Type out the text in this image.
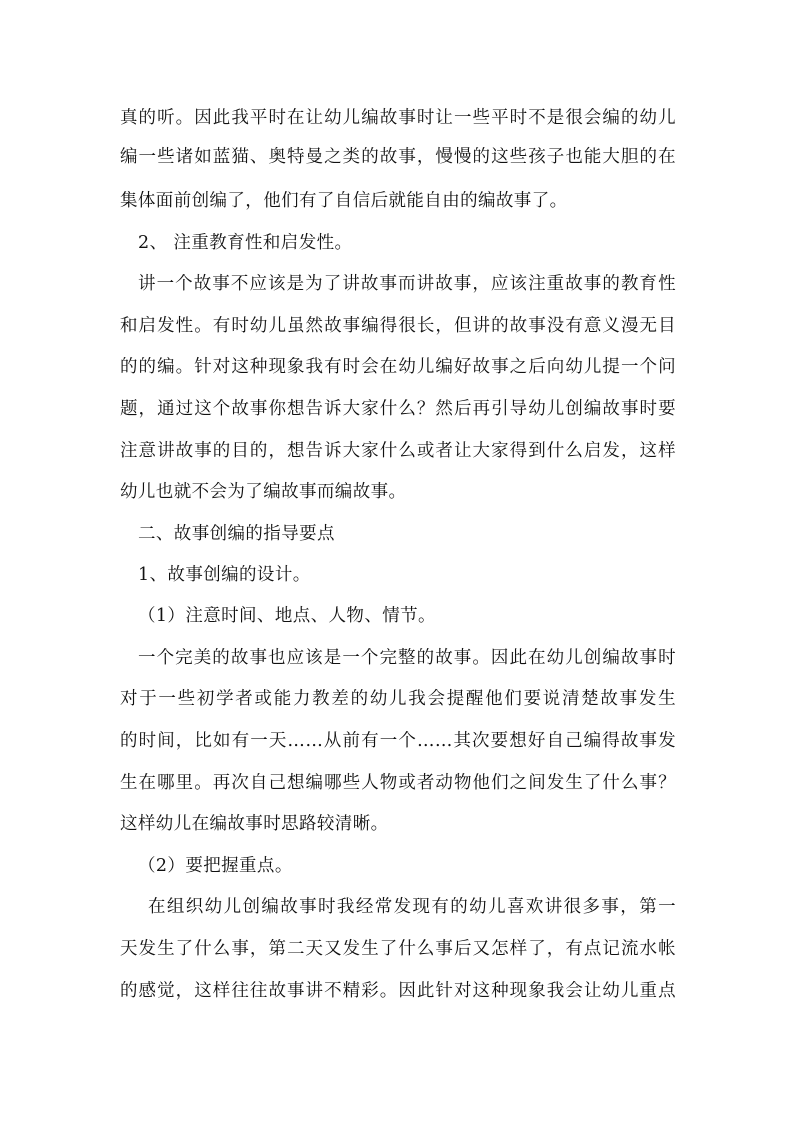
真的听。因此我平时在让幼儿编故事时让一些平时不是很会编的幼儿
编一些诸如蓝猫、奥特曼之类的故事，慢慢的这些孩子也能大胆的在
集体面前创编了，他们有了自信后就能自由的编故事了。
2、 注重教育性和启发性。
讲一个故事不应该是为了讲故事而讲故事，应该注重故事的教育性
和启发性。有时幼儿虽然故事编得很长，但讲的故事没有意义漫无目
的的编。针对这种现象我有时会在幼儿编好故事之后向幼儿提一个问
题，通过这个故事你想告诉大家什么？然后再引导幼儿创编故事时要
注意讲故事的目的，想告诉大家什么或者让大家得到什么启发，这样
幼儿也就不会为了编故事而编故事。
二、故事创编的指导要点
1、故事创编的设计。
（1）注意时间、地点、人物、情节。
一个完美的故事也应该是一个完整的故事。因此在幼儿创编故事时
对于一些初学者或能力教差的幼儿我会提醒他们要说清楚故事发生
的时间，比如有一天……从前有一个……其次要想好自己编得故事发
生在哪里。再次自己想编哪些人物或者动物他们之间发生了什么事？
这样幼儿在编故事时思路较清晰。
（2）要把握重点。
在组织幼儿创编故事时我经常发现有的幼儿喜欢讲很多事，第一
天发生了什么事，第二天又发生了什么事后又怎样了，有点记流水帐
的感觉，这样往往故事讲不精彩。因此针对这种现象我会让幼儿重点
